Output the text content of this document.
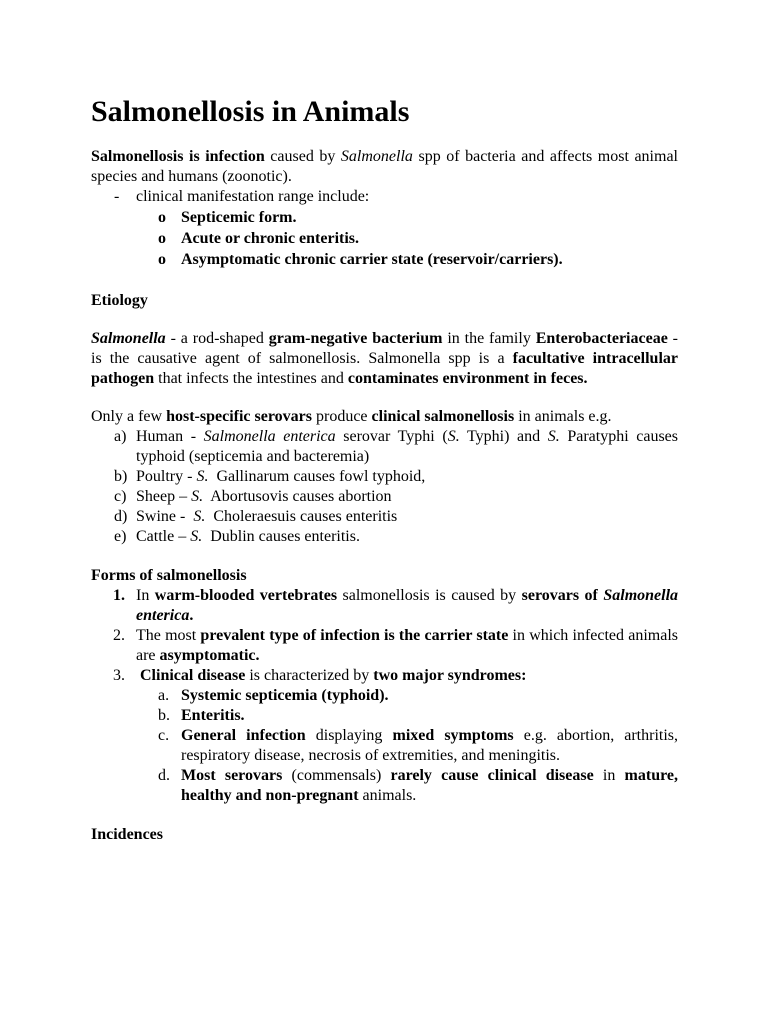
Salmonellosis in Animals

Salmonellosis is infection caused by Salmonella spp of bacteria and affects most animal species and humans (zoonotic).

-	clinical manifestation range include:
o Septicemic form.
o Acute or chronic enteritis.
o Asymptomatic chronic carrier state (reservoir/carriers).

Etiology

Salmonella - a rod-shaped gram-negative bacterium in the family Enterobacteriaceae - is the causative agent of salmonellosis. Salmonella spp is a facultative intracellular pathogen that infects the intestines and contaminates environment in feces.

Only a few host-specific serovars produce clinical salmonellosis in animals e.g.

a) Human - Salmonella enterica serovar Typhi (S. Typhi) and S. Paratyphi causes typhoid (septicemia and bacteremia)
b) Poultry - S.  Gallinarum causes fowl typhoid,
c) Sheep – S.  Abortusovis causes abortion
d) Swine -  S.  Choleraesuis causes enteritis
e) Cattle – S.  Dublin causes enteritis.

Forms of salmonellosis

1. In warm-blooded vertebrates salmonellosis is caused by serovars of Salmonella enterica.
2. The most prevalent type of infection is the carrier state in which infected animals are asymptomatic.
3. Clinical disease is characterized by two major syndromes:
a. Systemic septicemia (typhoid).
b. Enteritis.
c. General infection displaying mixed symptoms e.g. abortion, arthritis, respiratory disease, necrosis of extremities, and meningitis.
d. Most serovars (commensals) rarely cause clinical disease in mature, healthy and non-pregnant animals.

Incidences
